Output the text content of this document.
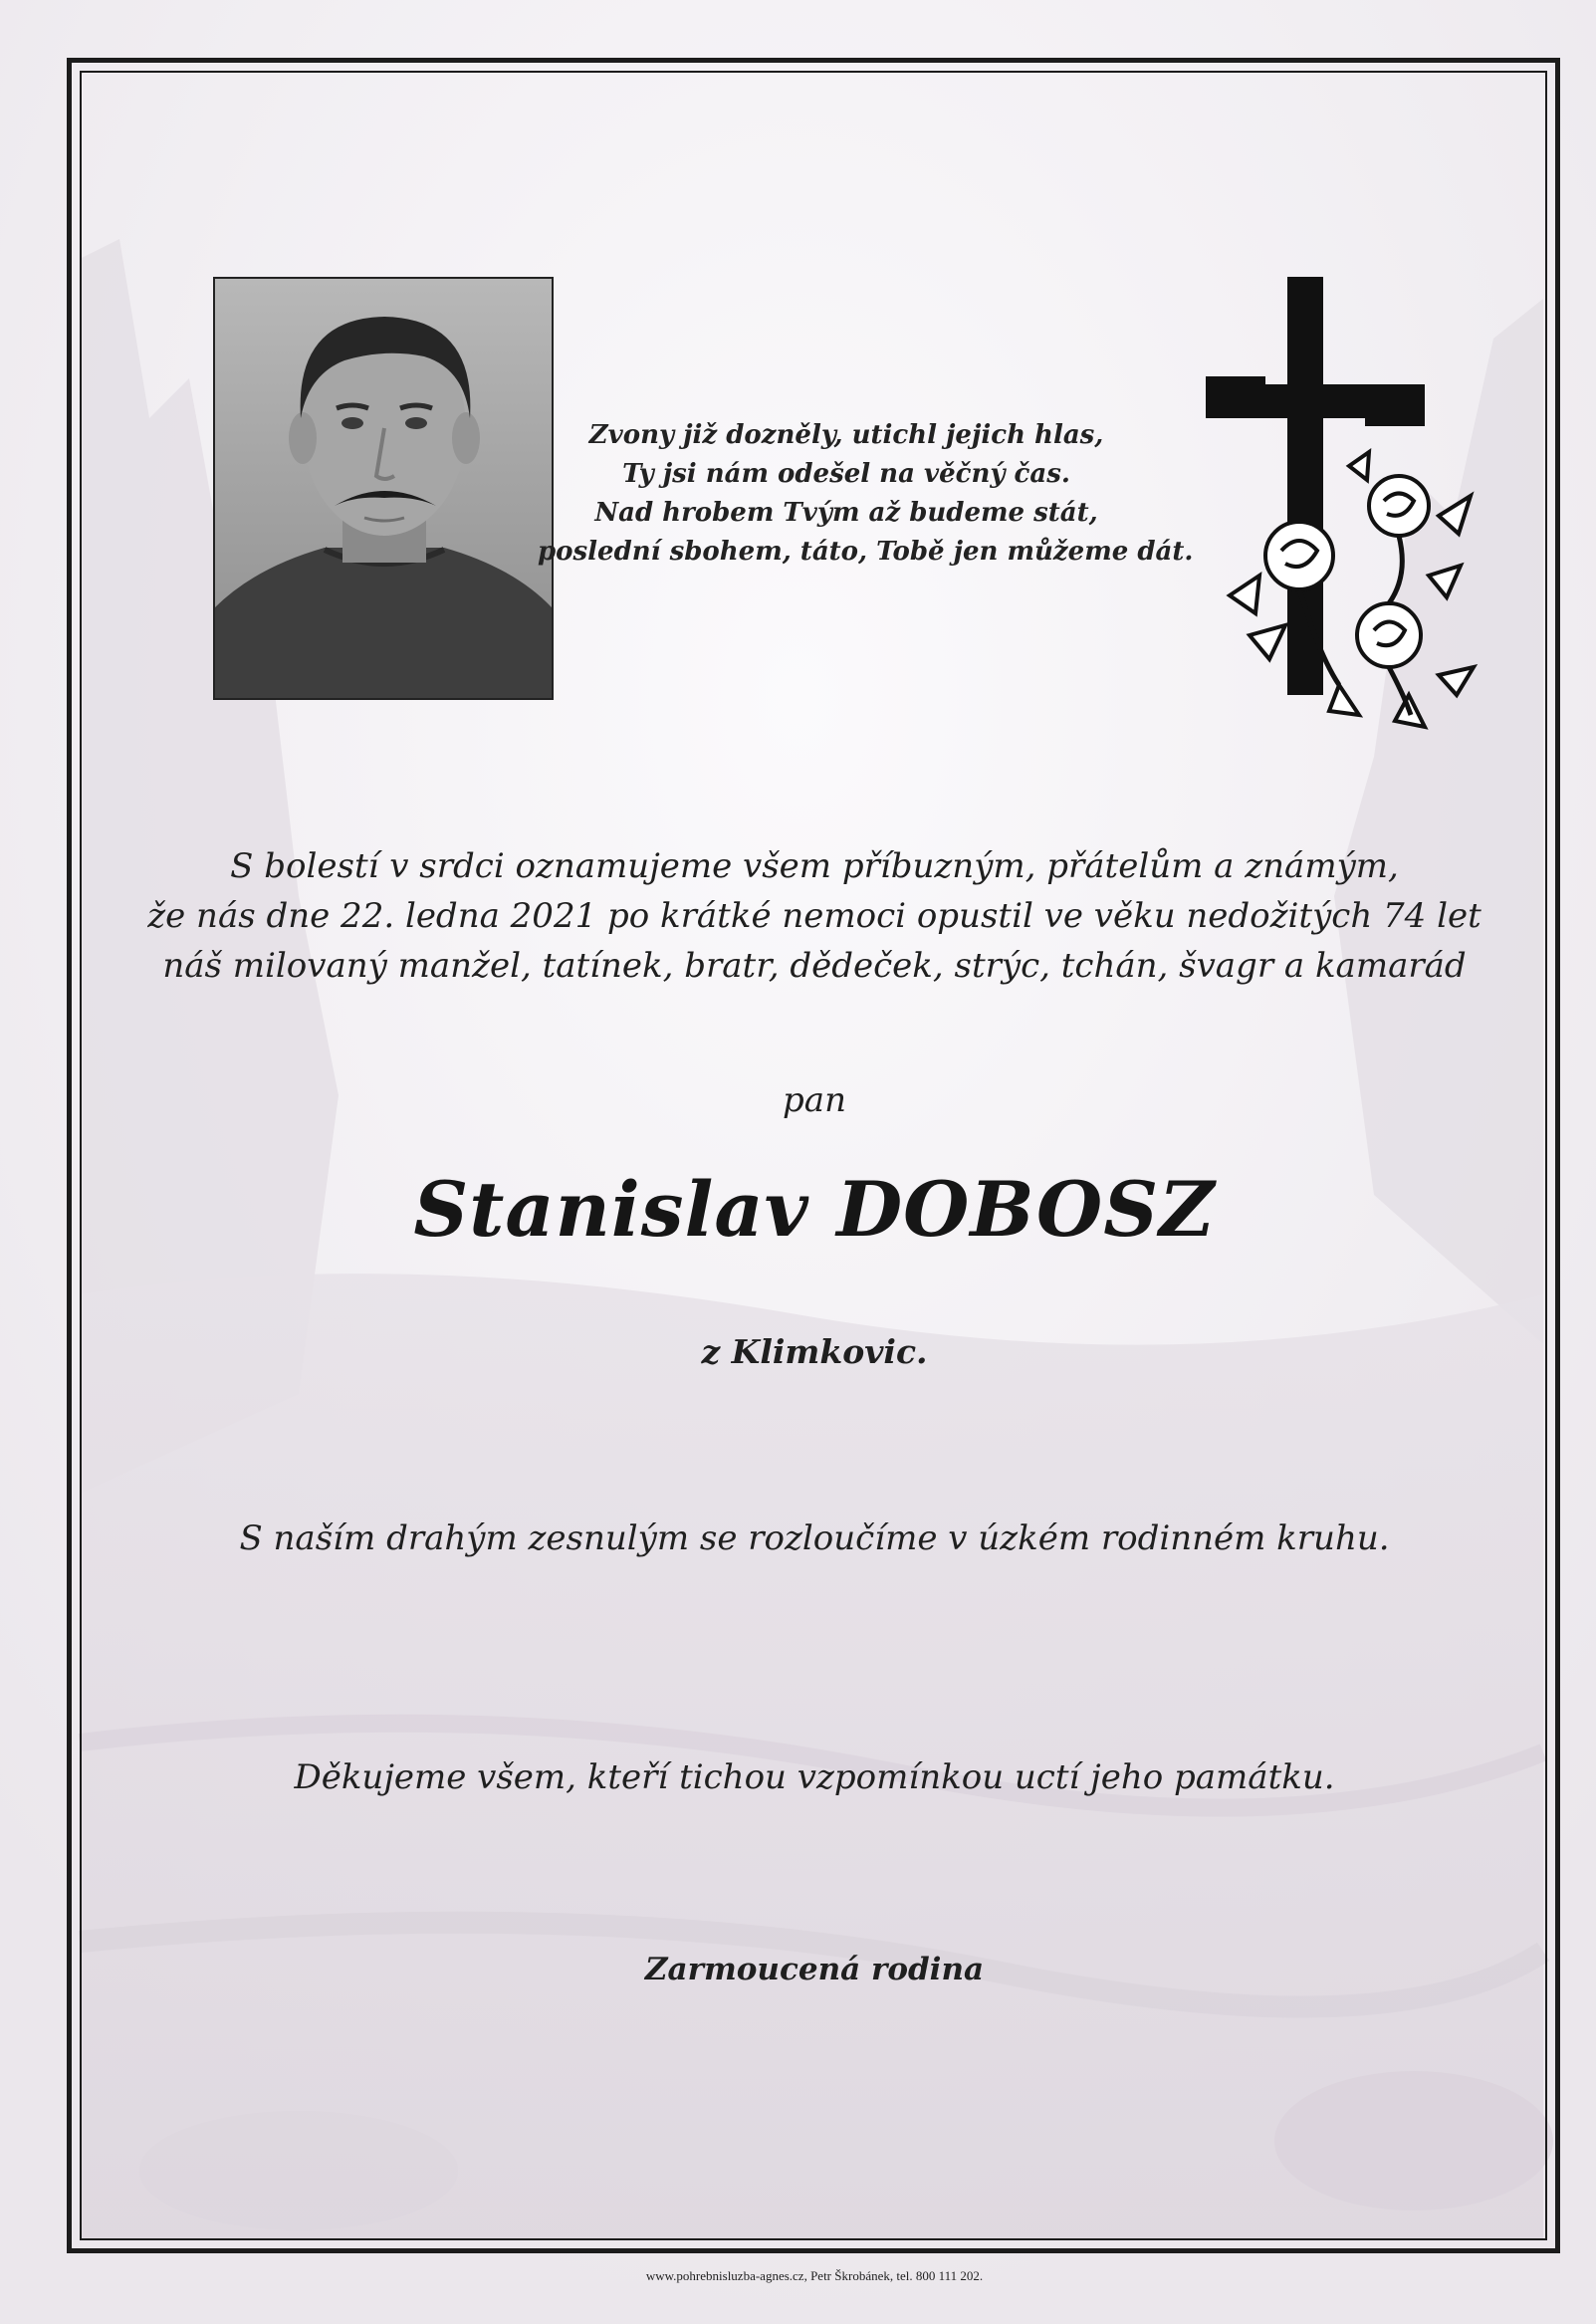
Zvony již dozněly, utichl jejich hlas,
Ty jsi nám odešel na věčný čas.
Nad hrobem Tvým až budeme stát,
poslední sbohem, táto, Tobě jen můžeme dát.
S bolestí v srdci oznamujeme všem příbuzným, přátelům a známým,
že nás dne 22. ledna 2021 po krátké nemoci opustil ve věku nedožitých 74 let
náš milovaný manžel, tatínek, bratr, dědeček, strýc, tchán, švagr a kamarád
pan
Stanislav DOBOSZ
z Klimkovic.
S naším drahým zesnulým se rozloučíme v úzkém rodinném kruhu.
Děkujeme všem, kteří tichou vzpomínkou uctí jeho památku.
Zarmoucená rodina
www.pohrebnisluzba-agnes.cz, Petr Škrobánek, tel. 800 111 202.
